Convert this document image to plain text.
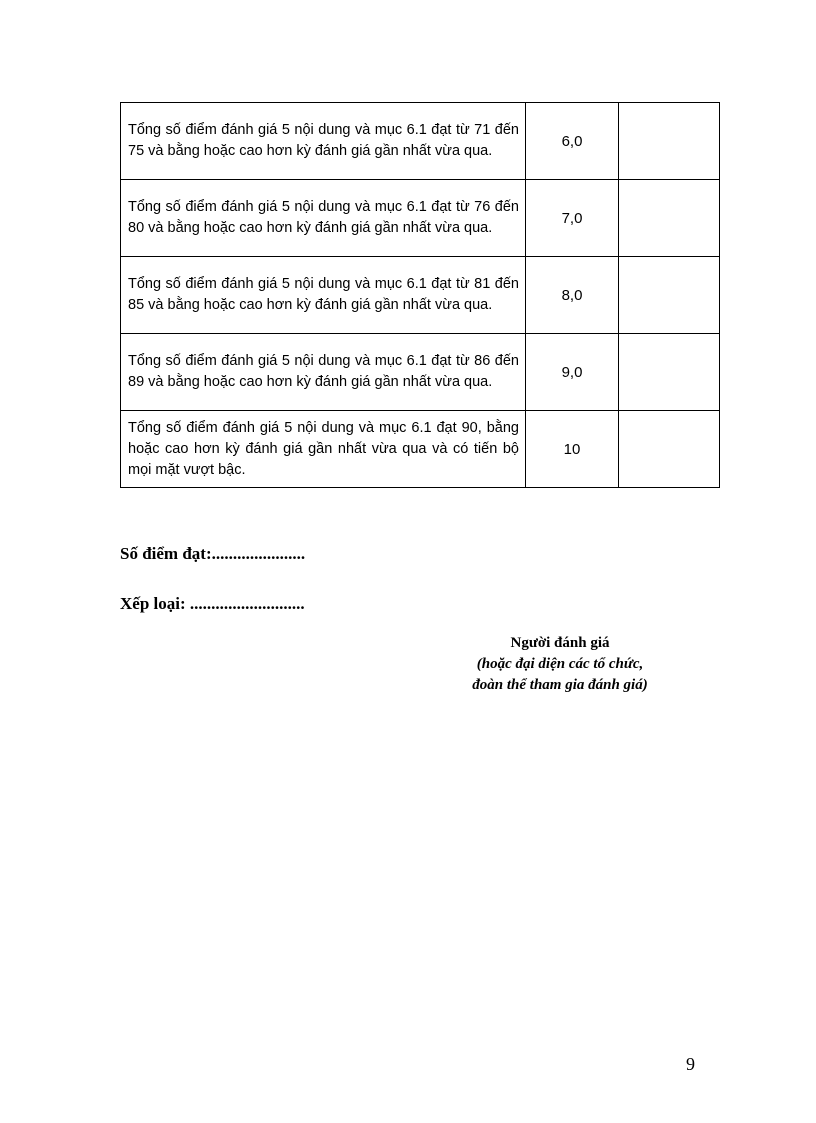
Tổng số điểm đánh giá 5 nội dung và mục 6.1 đạt từ 71 đến 75 và bằng hoặc cao hơn kỳ đánh giá gần nhất vừa qua.	6,0	
Tổng số điểm đánh giá 5 nội dung và mục 6.1 đạt từ 76 đến 80 và bằng hoặc cao hơn kỳ đánh giá gần nhất vừa qua.	7,0	
Tổng số điểm đánh giá 5 nội dung và mục 6.1 đạt từ 81 đến 85 và bằng hoặc cao hơn kỳ đánh giá gần nhất vừa qua.	8,0	
Tổng số điểm đánh giá 5 nội dung và mục 6.1 đạt từ 86 đến 89 và bằng hoặc cao hơn kỳ đánh giá gần nhất vừa qua.	9,0	
Tổng số điểm đánh giá 5 nội dung và mục 6.1 đạt 90, bằng hoặc cao hơn kỳ đánh giá gần nhất vừa qua và có tiến bộ mọi mặt vượt bậc.	10	
Số điểm đạt:......................
Xếp loại: ...........................
Người đánh giá
(hoặc đại diện các tổ chức,
đoàn thể tham gia đánh giá)
9
